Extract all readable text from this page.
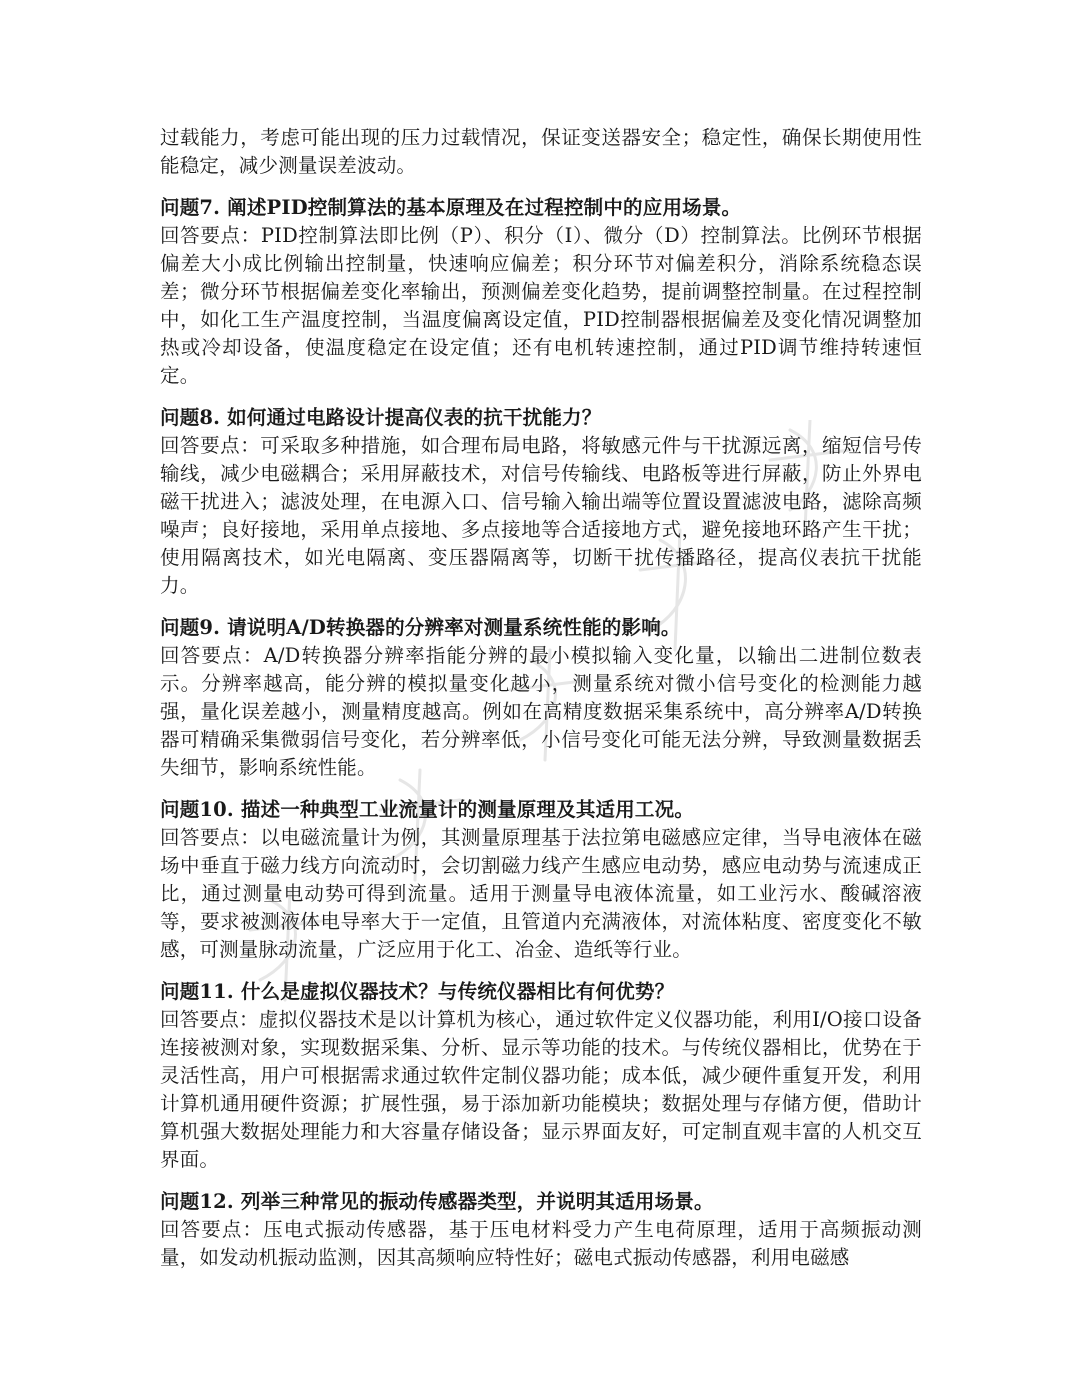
过载能力，考虑可能出现的压力过载情况，保证变送器安全；稳定性，确保长期使用性能稳定，减少测量误差波动。

问题7. 阐述PID控制算法的基本原理及在过程控制中的应用场景。

回答要点：PID控制算法即比例（P）、积分（I）、微分（D）控制算法。比例环节根据偏差大小成比例输出控制量，快速响应偏差；积分环节对偏差积分，消除系统稳态误差；微分环节根据偏差变化率输出，预测偏差变化趋势，提前调整控制量。在过程控制中，如化工生产温度控制，当温度偏离设定值，PID控制器根据偏差及变化情况调整加热或冷却设备，使温度稳定在设定值；还有电机转速控制，通过PID调节维持转速恒定。

问题8. 如何通过电路设计提高仪表的抗干扰能力？

回答要点：可采取多种措施，如合理布局电路，将敏感元件与干扰源远离，缩短信号传输线，减少电磁耦合；采用屏蔽技术，对信号传输线、电路板等进行屏蔽，防止外界电磁干扰进入；滤波处理，在电源入口、信号输入输出端等位置设置滤波电路，滤除高频噪声；良好接地，采用单点接地、多点接地等合适接地方式，避免接地环路产生干扰；使用隔离技术，如光电隔离、变压器隔离等，切断干扰传播路径，提高仪表抗干扰能力。

问题9. 请说明A/D转换器的分辨率对测量系统性能的影响。

回答要点：A/D转换器分辨率指能分辨的最小模拟输入变化量，以输出二进制位数表示。分辨率越高，能分辨的模拟量变化越小，测量系统对微小信号变化的检测能力越强，量化误差越小，测量精度越高。例如在高精度数据采集系统中，高分辨率A/D转换器可精确采集微弱信号变化，若分辨率低，小信号变化可能无法分辨，导致测量数据丢失细节，影响系统性能。

问题10. 描述一种典型工业流量计的测量原理及其适用工况。

回答要点：以电磁流量计为例，其测量原理基于法拉第电磁感应定律，当导电液体在磁场中垂直于磁力线方向流动时，会切割磁力线产生感应电动势，感应电动势与流速成正比，通过测量电动势可得到流量。适用于测量导电液体流量，如工业污水、酸碱溶液等，要求被测液体电导率大于一定值，且管道内充满液体，对流体粘度、密度变化不敏感，可测量脉动流量，广泛应用于化工、冶金、造纸等行业。

问题11. 什么是虚拟仪器技术？与传统仪器相比有何优势？

回答要点：虚拟仪器技术是以计算机为核心，通过软件定义仪器功能，利用I/O接口设备连接被测对象，实现数据采集、分析、显示等功能的技术。与传统仪器相比，优势在于灵活性高，用户可根据需求通过软件定制仪器功能；成本低，减少硬件重复开发，利用计算机通用硬件资源；扩展性强，易于添加新功能模块；数据处理与存储方便，借助计算机强大数据处理能力和大容量存储设备；显示界面友好，可定制直观丰富的人机交互界面。

问题12. 列举三种常见的振动传感器类型，并说明其适用场景。

回答要点：压电式振动传感器，基于压电材料受力产生电荷原理，适用于高频振动测量，如发动机振动监测，因其高频响应特性好；磁电式振动传感器，利用电磁感
